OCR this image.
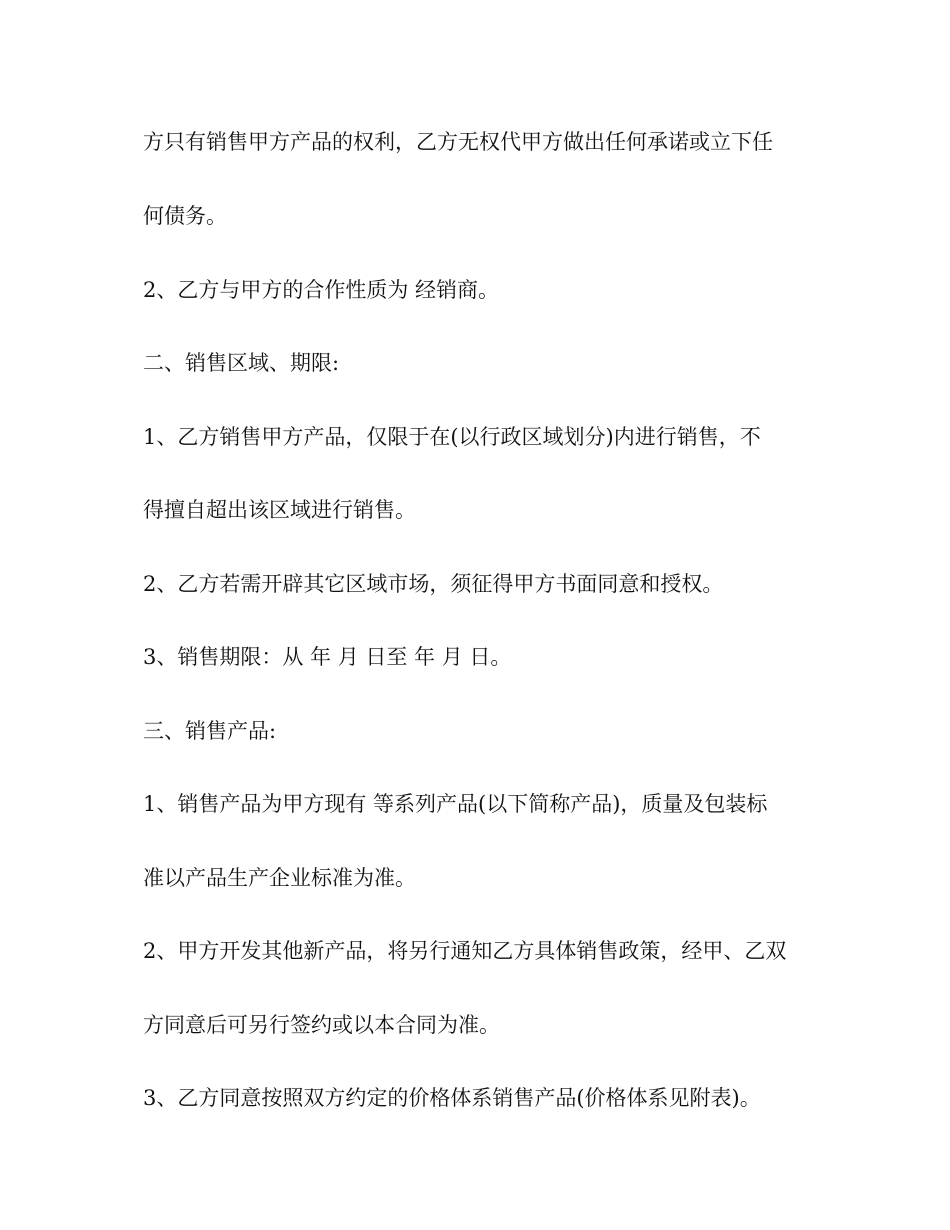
方只有销售甲方产品的权利，乙方无权代甲方做出任何承诺或立下任
何债务。
2、乙方与甲方的合作性质为 经销商。
二、销售区域、期限:
1、乙方销售甲方产品，仅限于在(以行政区域划分)内进行销售，不
得擅自超出该区域进行销售。
2、乙方若需开辟其它区域市场，须征得甲方书面同意和授权。
3、销售期限：从 年 月 日至 年 月 日。
三、销售产品:
1、销售产品为甲方现有 等系列产品(以下简称产品)，质量及包装标
准以产品生产企业标准为准。
2、甲方开发其他新产品，将另行通知乙方具体销售政策，经甲、乙双
方同意后可另行签约或以本合同为准。
3、乙方同意按照双方约定的价格体系销售产品(价格体系见附表)。
